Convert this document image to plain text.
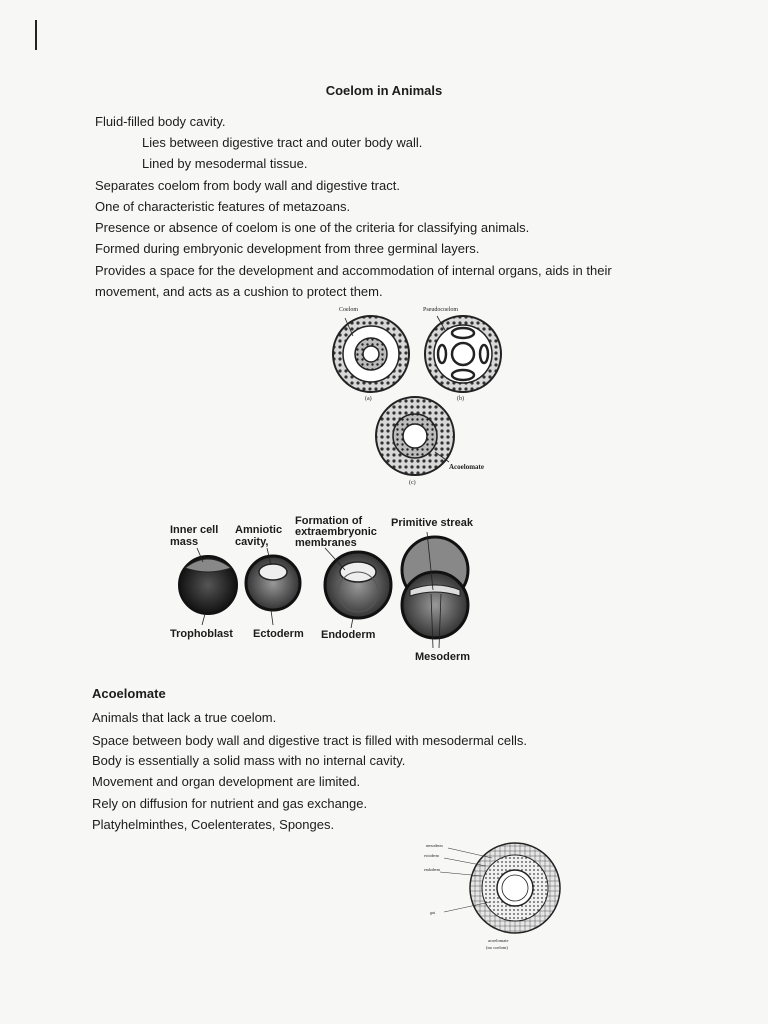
Coelom in Animals
Fluid-filled body cavity.
Lies between digestive tract and outer body wall.
Lined by mesodermal tissue.
Separates coelom from body wall and digestive tract.
One of characteristic features of metazoans.
Presence or absence of coelom is one of the criteria for classifying animals.
Formed during embryonic development from three germinal layers.
Provides a space for the development and accommodation of internal organs, aids in their
movement, and acts as a cushion to protect them.
Coelom	Pseudocoelom
(a)	(b)
(c)
Acoelomate
Inner cell
mass
Amniotic
cavity,
Formation of
extraembryonic
membranes
Primitive streak
Trophoblast Ectoderm Endoderm
Mesoderm
Acoelomate
Animals that lack a true coelom.
Space between body wall and digestive tract is filled with mesodermal cells.
Body is essentially a solid mass with no internal cavity.
Movement and organ development are limited.
Rely on diffusion for nutrient and gas exchange.
Platyhelminthes, Coelenterates, Sponges.
mesoderm
ectoderm
endoderm
gut
acoelomate
(no coelom)
